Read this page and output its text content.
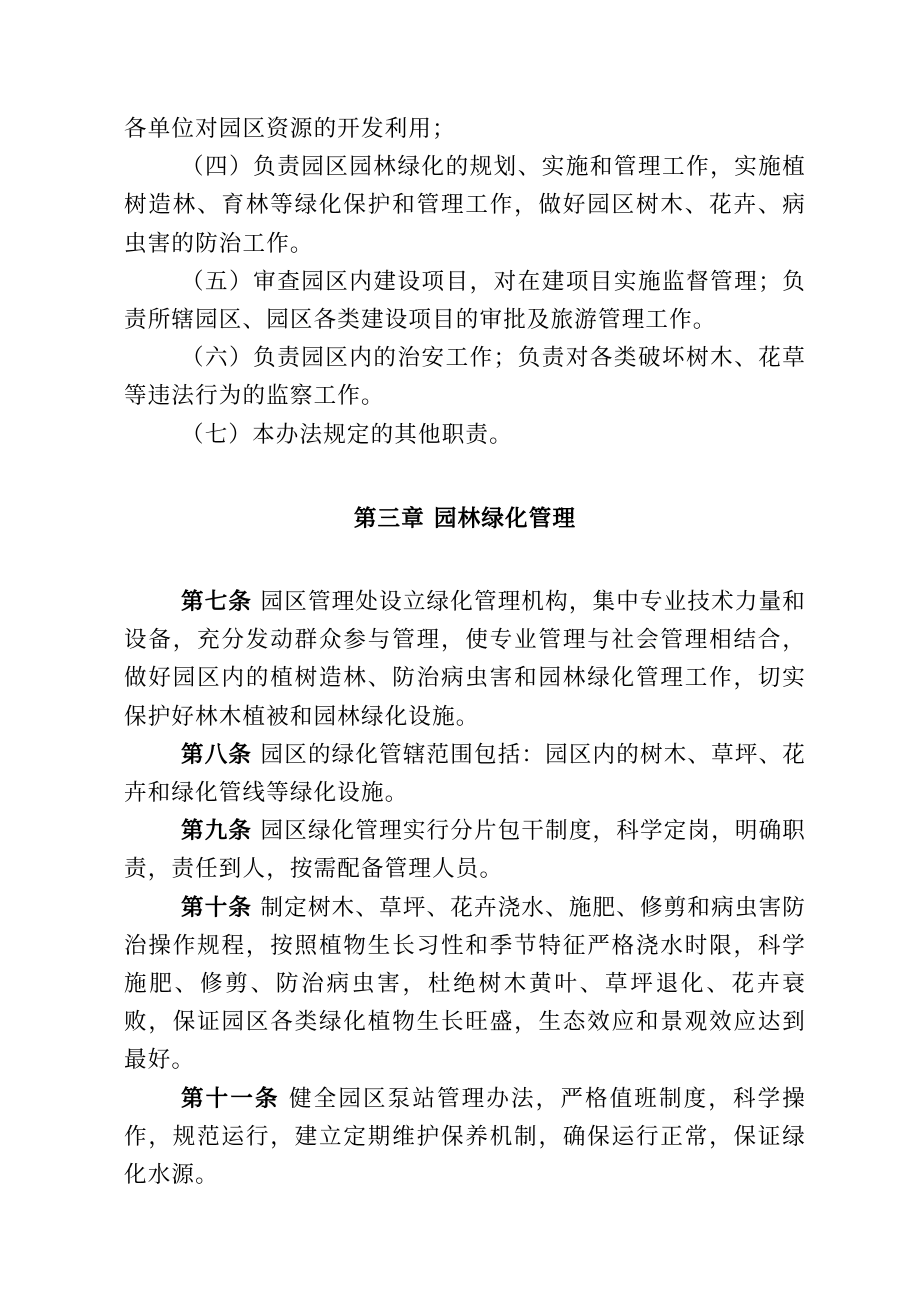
各单位对园区资源的开发利用；

（四）负责园区园林绿化的规划、实施和管理工作，实施植树造林、育林等绿化保护和管理工作，做好园区树木、花卉、病虫害的防治工作。

（五）审查园区内建设项目，对在建项目实施监督管理；负责所辖园区、园区各类建设项目的审批及旅游管理工作。

（六）负责园区内的治安工作；负责对各类破坏树木、花草等违法行为的监察工作。

（七）本办法规定的其他职责。

第三章 园林绿化管理

第七条 园区管理处设立绿化管理机构，集中专业技术力量和设备，充分发动群众参与管理，使专业管理与社会管理相结合，做好园区内的植树造林、防治病虫害和园林绿化管理工作，切实保护好林木植被和园林绿化设施。

第八条 园区的绿化管辖范围包括：园区内的树木、草坪、花卉和绿化管线等绿化设施。

第九条 园区绿化管理实行分片包干制度，科学定岗，明确职责，责任到人，按需配备管理人员。

第十条 制定树木、草坪、花卉浇水、施肥、修剪和病虫害防治操作规程，按照植物生长习性和季节特征严格浇水时限，科学施肥、修剪、防治病虫害，杜绝树木黄叶、草坪退化、花卉衰败，保证园区各类绿化植物生长旺盛，生态效应和景观效应达到最好。

第十一条 健全园区泵站管理办法，严格值班制度，科学操作，规范运行，建立定期维护保养机制，确保运行正常，保证绿化水源。
